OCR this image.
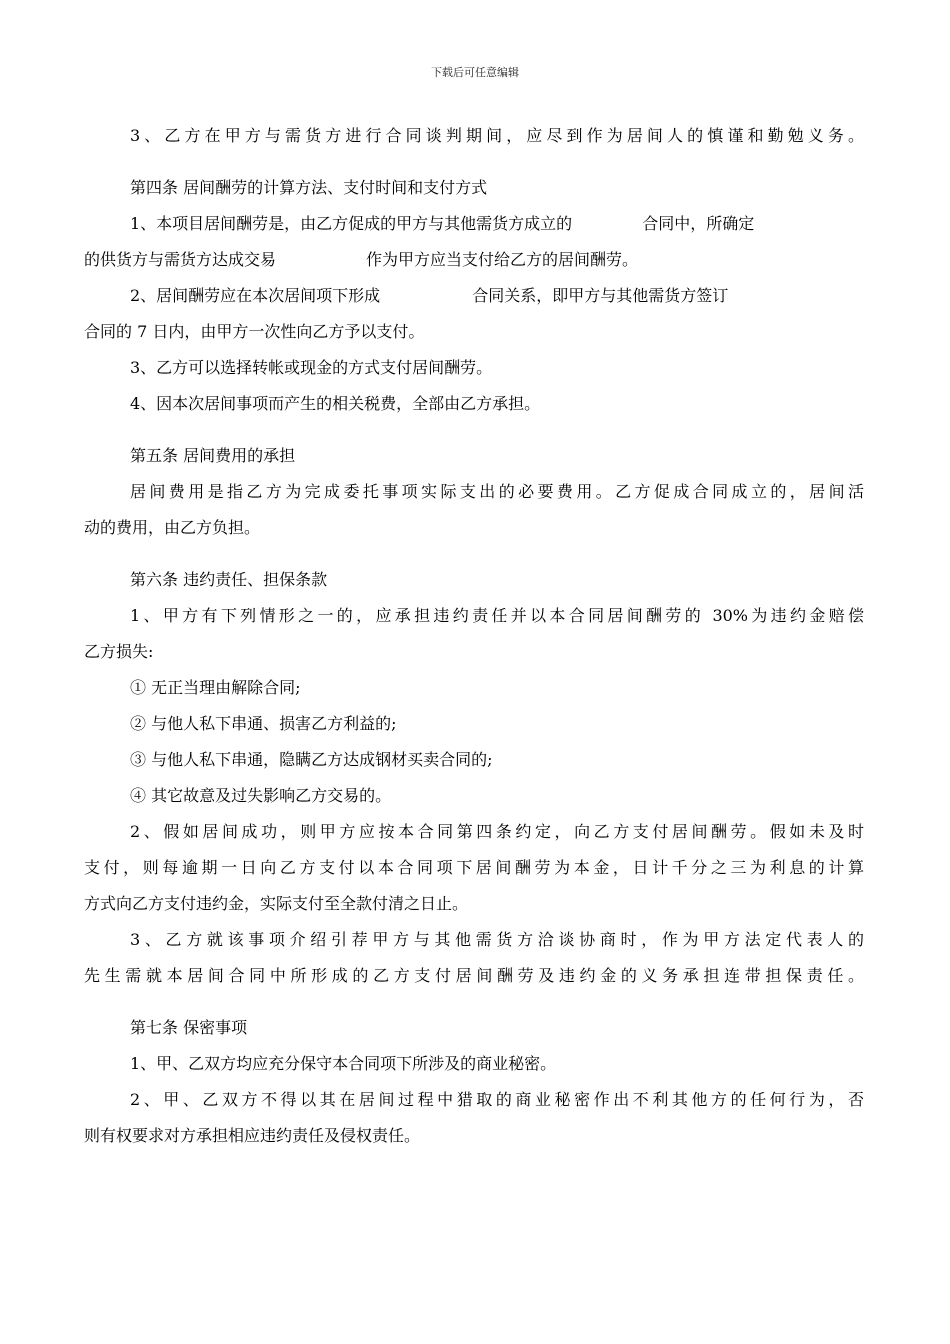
下载后可任意编辑

3、乙方在甲方与需货方进行合同谈判期间，应尽到作为居间人的慎谨和勤勉义务。

第四条 居间酬劳的计算方法、支付时间和支付方式

1、本项目居间酬劳是，由乙方促成的甲方与其他需货方成立的	合同中，所确定

的供货方与需货方达成交易	作为甲方应当支付给乙方的居间酬劳。

2、居间酬劳应在本次居间项下形成	合同关系，即甲方与其他需货方签订

合同的 7 日内，由甲方一次性向乙方予以支付。

3、乙方可以选择转帐或现金的方式支付居间酬劳。

4、因本次居间事项而产生的相关税费，全部由乙方承担。

第五条 居间费用的承担

居间费用是指乙方为完成委托事项实际支出的必要费用。乙方促成合同成立的，居间活

动的费用，由乙方负担。

第六条 违约责任、担保条款

1、甲方有下列情形之一的，应承担违约责任并以本合同居间酬劳的 30%为违约金赔偿

乙方损失:

① 无正当理由解除合同;

② 与他人私下串通、损害乙方利益的;

③ 与他人私下串通，隐瞒乙方达成钢材买卖合同的;

④ 其它故意及过失影响乙方交易的。

2、假如居间成功，则甲方应按本合同第四条约定，向乙方支付居间酬劳。假如未及时

支付，则每逾期一日向乙方支付以本合同项下居间酬劳为本金，日计千分之三为利息的计算

方式向乙方支付违约金，实际支付至全款付清之日止。

3、乙方就该事项介绍引荐甲方与其他需货方洽谈协商时，作为甲方法定代表人的

先生需就本居间合同中所形成的乙方支付居间酬劳及违约金的义务承担连带担保责任。

第七条 保密事项

1、甲、乙双方均应充分保守本合同项下所涉及的商业秘密。

2、甲、乙双方不得以其在居间过程中猎取的商业秘密作出不利其他方的任何行为，否

则有权要求对方承担相应违约责任及侵权责任。
